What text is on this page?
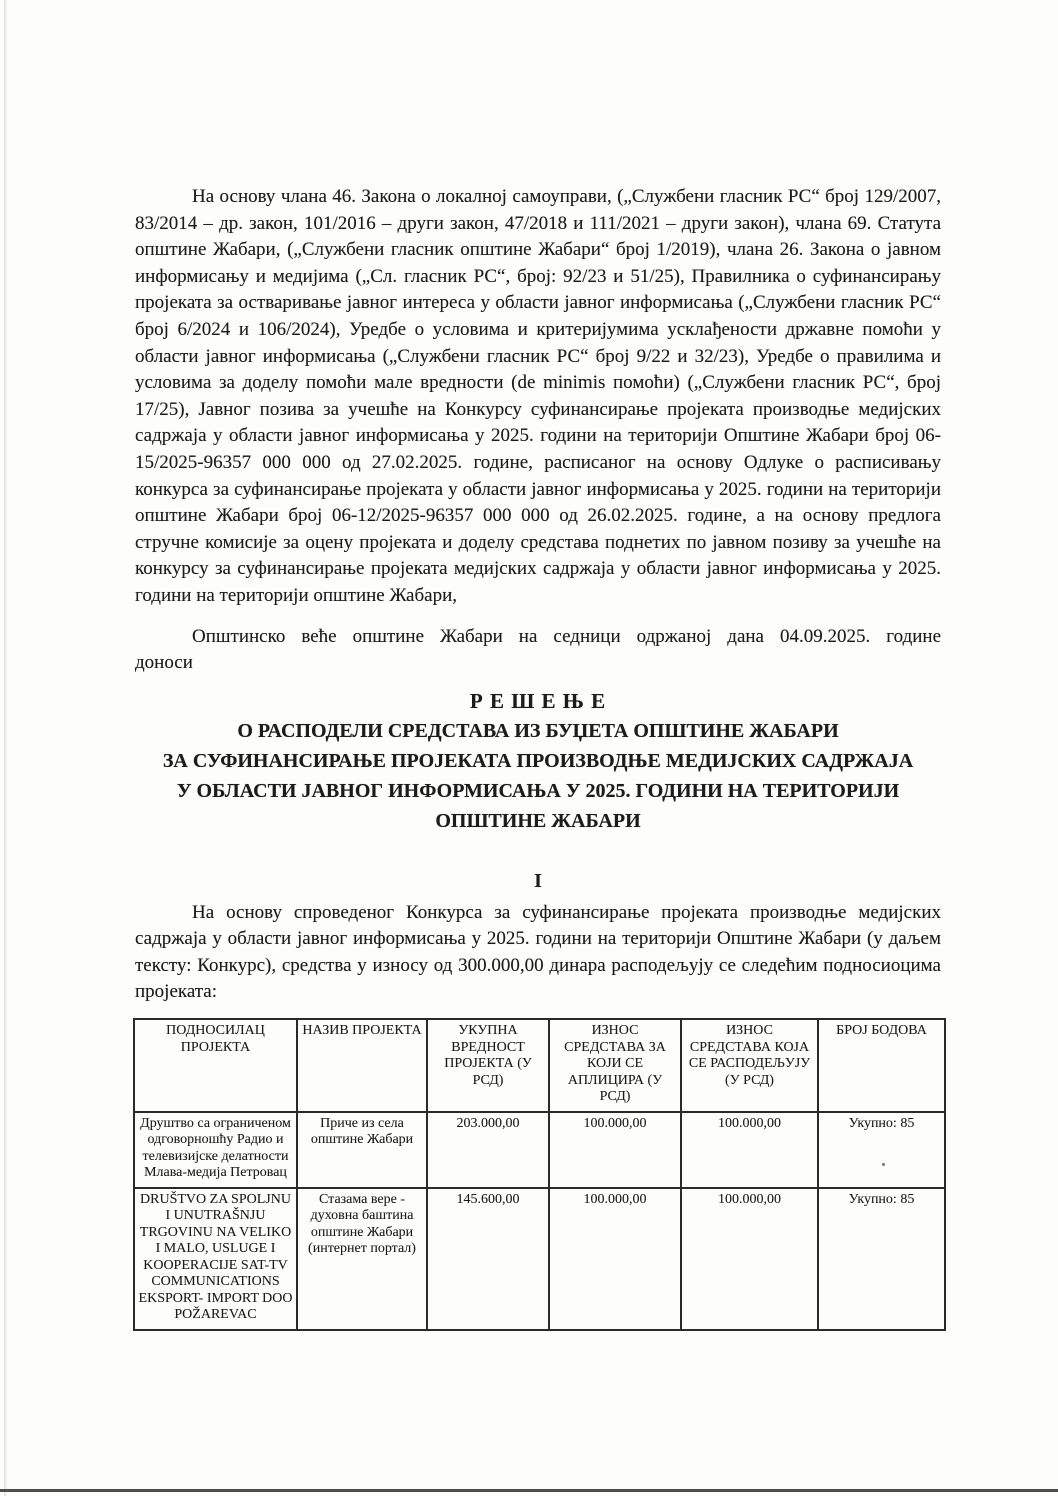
На основу члана 46. Закона о локалној самоуправи, („Службени гласник РС“ број 129/2007, 83/2014 – др. закон, 101/2016 – други закон, 47/2018 и 111/2021 – други закон), члана 69. Статута општине Жабари, („Службени гласник општине Жабари“ број 1/2019), члана 26. Закона о јавном информисању и медијима („Сл. гласник РС“, број: 92/23 и 51/25), Правилника о суфинансирању пројеката за остваривање јавног интереса у области јавног информисања („Службени гласник РС“ број 6/2024 и 106/2024), Уредбе о условима и критеријумима усклађености државне помоћи у области јавног информисања („Службени гласник РС“ број 9/22 и 32/23), Уредбе о правилима и условима за доделу помоћи мале вредности (de minimis помоћи) („Службени гласник РС“, број 17/25), Јавног позива за учешће на Конкурсу суфинансирање пројеката производње медијских садржаја у области јавног информисања у 2025. години на територији Општине Жабари број 06-15/2025-96357 000 000 од 27.02.2025. године, расписаног на основу Одлуке о расписивању конкурса за суфинансирање пројеката у области јавног информисања у 2025. години на територији општине Жабари број 06-12/2025-96357 000 000 од 26.02.2025. године, а на основу предлога стручне комисије за оцену пројеката и доделу средстава поднетих по јавном позиву за учешће на конкурсу за суфинансирање пројеката медијских садржаја у области јавног информисања у 2025. години на територији општине Жабари,

Општинско веће општине Жабари на седници одржаној дана 04.09.2025. године
доноси
Р Е Ш Е Њ Е
О РАСПОДЕЛИ СРЕДСТАВА ИЗ БУЏЕТА ОПШТИНЕ ЖАБАРИ
ЗА СУФИНАНСИРАЊЕ ПРОЈЕКАТА ПРОИЗВОДЊЕ МЕДИЈСКИХ САДРЖАЈА
У ОБЛАСТИ ЈАВНОГ ИНФОРМИСАЊА У 2025. ГОДИНИ НА ТЕРИТОРИЈИ
ОПШТИНЕ ЖАБАРИ
I

На основу спроведеног Конкурса за суфинансирање пројеката производње медијских садржаја у области јавног информисања у 2025. години на територији Општине Жабари (у даљем тексту: Конкурс), средства у износу од 300.000,00 динара расподељују се следећим подносиоцима пројеката:

ПОДНОСИЛАЦ ПРОЈЕКТА	НАЗИВ ПРОЈЕКТА	УКУПНА ВРЕДНОСТ ПРОЈЕКТА (У РСД)	ИЗНОС СРЕДСТАВА ЗА КОЈИ СЕ АПЛИЦИРА (У РСД)	ИЗНОС СРЕДСТАВА КОЈА СЕ РАСПОДЕЉУЈУ (У РСД)	БРОЈ БОДОВА
Друштво са ограниченом одговорношћу Радио и телевизијске делатности Млава-медија Петровац	Приче из села општине Жабари	203.000,00	100.000,00	100.000,00	Укупно: 85
DRUŠTVO ZA SPOLJNU I UNUTRAŠNJU TRGOVINU NA VELIKO I MALO, USLUGE I KOOPERACIJE SAT-TV COMMUNICATIONS EKSPORT- IMPORT DOO POŽAREVAC	Стазама вере - духовна баштина општине Жабари (интернет портал)	145.600,00	100.000,00	100.000,00	Укупно: 85
